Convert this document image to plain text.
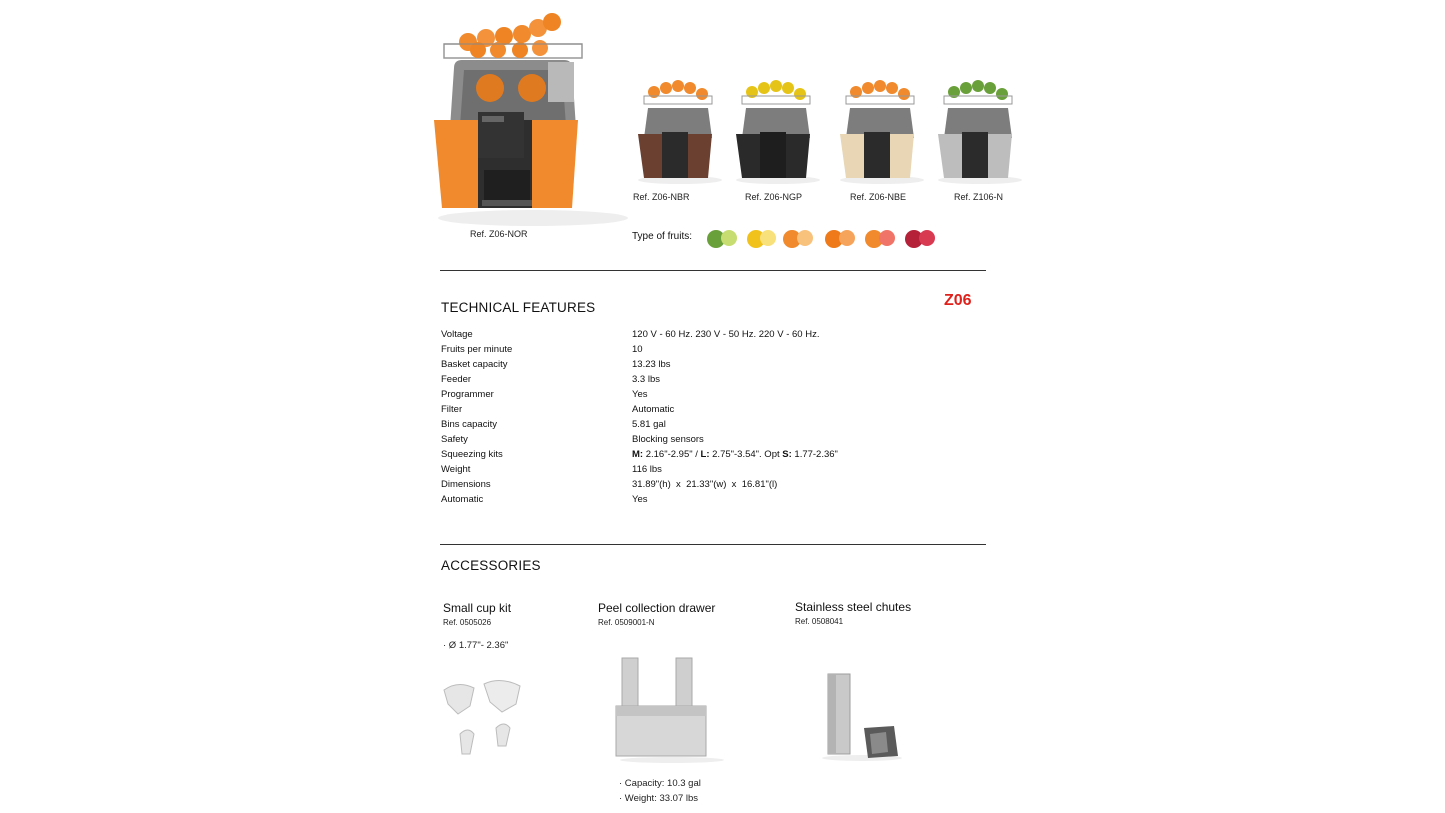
Ref. Z06-NOR
Ref. Z06-NBR	Ref. Z06-NGP	Ref. Z06-NBE	Ref. Z106-N
Type of fruits:
TECHNICAL FEATURES	Z06
Voltage	120 V - 60 Hz. 230 V - 50 Hz. 220 V - 60 Hz.
Fruits per minute	10
Basket capacity	13.23 lbs
Feeder	3.3 lbs
Programmer	Yes
Filter	Automatic
Bins capacity	5.81 gal
Safety	Blocking sensors
Squeezing kits	M: 2.16"-2.95" / L: 2.75"-3.54". Opt S: 1.77-2.36"
Weight	116 lbs
Dimensions	31.89"(h)  x  21.33"(w)  x  16.81"(l)
Automatic	Yes
ACCESSORIES
Small cup kit
Ref. 0505026
· Ø 1.77"- 2.36"
Peel collection drawer
Ref. 0509001-N
· Capacity: 10.3 gal
· Weight: 33.07 lbs
Stainless steel chutes
Ref. 0508041
